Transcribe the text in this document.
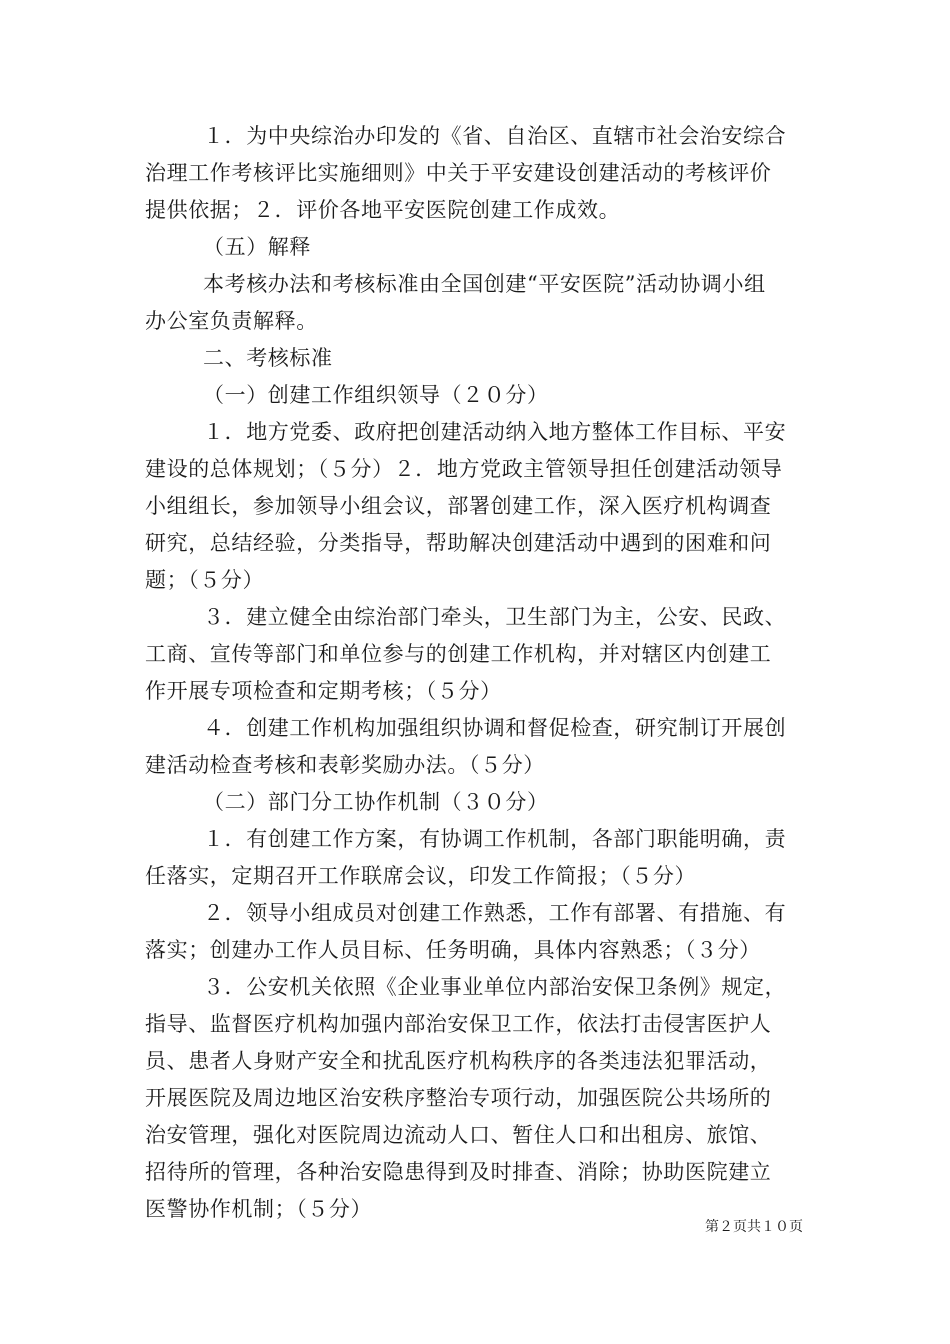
１．为中央综治办印发的《省、自治区、直辖市社会治安综合
治理工作考核评比实施细则》中关于平安建设创建活动的考核评价
提供依据；２．评价各地平安医院创建工作成效。
（五）解释
本考核办法和考核标准由全国创建“平安医院”活动协调小组
办公室负责解释。
二、考核标准
（一）创建工作组织领导（２０分）
１．地方党委、政府把创建活动纳入地方整体工作目标、平安
建设的总体规划；（５分）２．地方党政主管领导担任创建活动领导
小组组长，参加领导小组会议，部署创建工作，深入医疗机构调查
研究，总结经验，分类指导，帮助解决创建活动中遇到的困难和问
题；（５分）
３．建立健全由综治部门牵头，卫生部门为主，公安、民政、
工商、宣传等部门和单位参与的创建工作机构，并对辖区内创建工
作开展专项检查和定期考核；（５分）
４．创建工作机构加强组织协调和督促检查，研究制订开展创
建活动检查考核和表彰奖励办法。（５分）
（二）部门分工协作机制（３０分）
１．有创建工作方案，有协调工作机制，各部门职能明确，责
任落实，定期召开工作联席会议，印发工作简报；（５分）
２．领导小组成员对创建工作熟悉，工作有部署、有措施、有
落实；创建办工作人员目标、任务明确，具体内容熟悉；（３分）
３．公安机关依照《企业事业单位内部治安保卫条例》规定，
指导、监督医疗机构加强内部治安保卫工作，依法打击侵害医护人
员、患者人身财产安全和扰乱医疗机构秩序的各类违法犯罪活动，
开展医院及周边地区治安秩序整治专项行动，加强医院公共场所的
治安管理，强化对医院周边流动人口、暂住人口和出租房、旅馆、
招待所的管理，各种治安隐患得到及时排查、消除；协助医院建立
医警协作机制；（５分）
第２页共１０页
